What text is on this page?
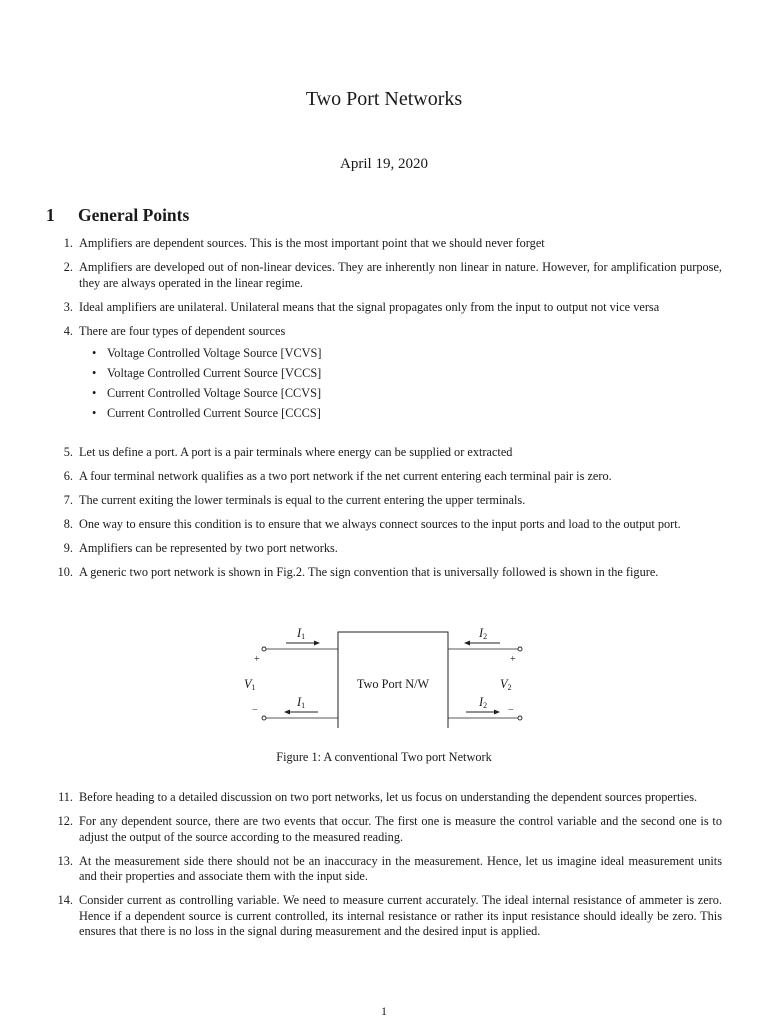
Two Port Networks
April 19, 2020
1 General Points
1. Amplifiers are dependent sources. This is the most important point that we should never forget
2. Amplifiers are developed out of non-linear devices. They are inherently non linear in nature. However, for amplification purpose, they are always operated in the linear regime.
3. Ideal amplifiers are unilateral. Unilateral means that the signal propagates only from the input to output not vice versa
4. There are four types of dependent sources
• Voltage Controlled Voltage Source [VCVS]
• Voltage Controlled Current Source [VCCS]
• Current Controlled Voltage Source [CCVS]
• Current Controlled Current Source [CCCS]
5. Let us define a port. A port is a pair terminals where energy can be supplied or extracted
6. A four terminal network qualifies as a two port network if the net current entering each terminal pair is zero.
7. The current exiting the lower terminals is equal to the current entering the upper terminals.
8. One way to ensure this condition is to ensure that we always connect sources to the input ports and load to the output port.
9. Amplifiers can be represented by two port networks.
10. A generic two port network is shown in Fig.2. The sign convention that is universally followed is shown in the figure.
Two Port N/W
I1
I1
I2
I2
V1	V2
+
−
+
−
Figure 1: A conventional Two port Network
11. Before heading to a detailed discussion on two port networks, let us focus on understanding the dependent sources properties.
12. For any dependent source, there are two events that occur. The first one is measure the control variable and the second one is to adjust the output of the source according to the measured reading.
13. At the measurement side there should not be an inaccuracy in the measurement. Hence, let us imagine ideal measurement units and their properties and associate them with the input side.
14. Consider current as controlling variable. We need to measure current accurately. The ideal internal resistance of ammeter is zero. Hence if a dependent source is current controlled, its internal resistance or rather its input resistance should ideally be zero. This ensures that there is no loss in the signal during measurement and the desired input is applied.
1
